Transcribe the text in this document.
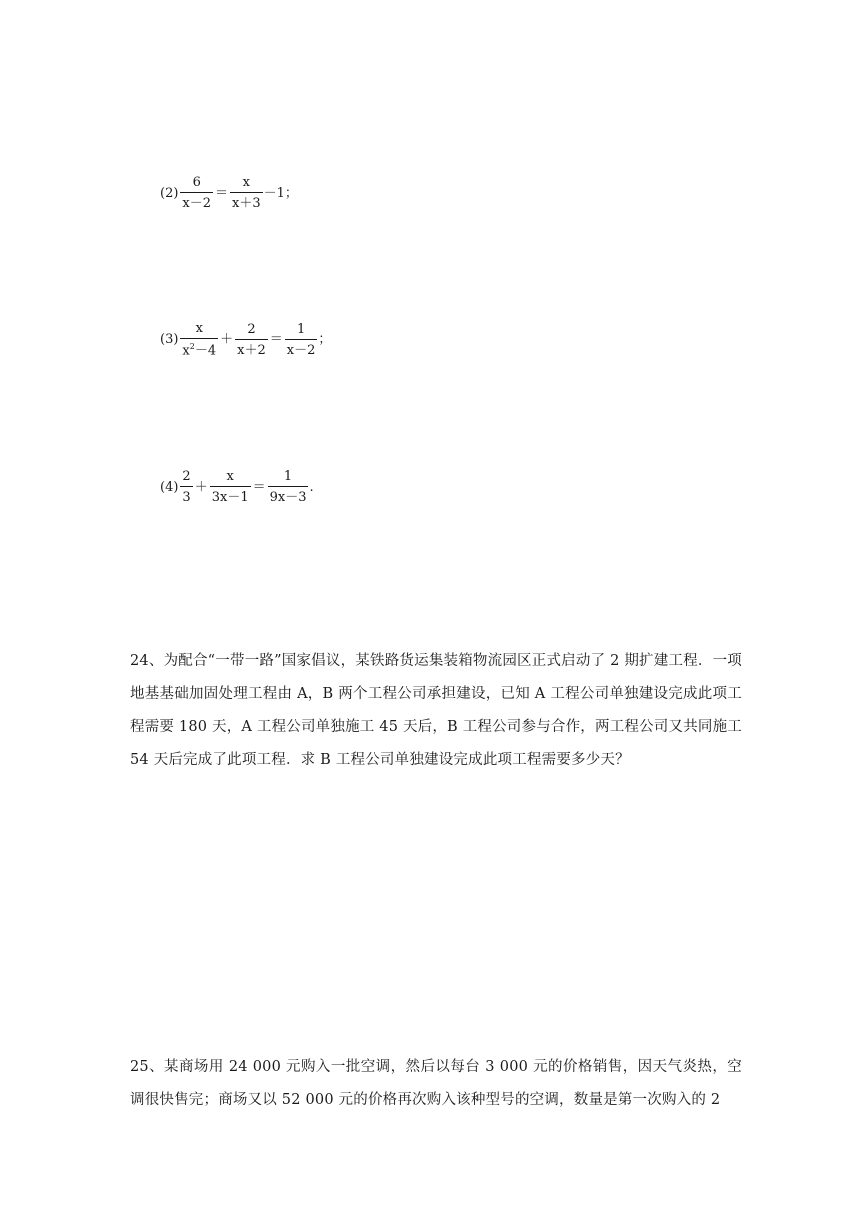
$(2) \frac{6}{x-2} = \frac{x}{x+3} -1$；
$(3) \frac{x}{x^2-4} + \frac{2}{x+2} = \frac{1}{x-2}$ ；
$(4) \frac{2}{3} + \frac{x}{3x-1} = \frac{1}{9x-3}$ .
24、为配合“一带一路”国家倡议，某铁路货运集装箱物流园区正式启动了 2 期扩建工程．一项地基基础加固处理工程由 A，B 两个工程公司承担建设，已知 A 工程公司单独建设完成此项工程需要 180 天，A 工程公司单独施工 45 天后，B 工程公司参与合作，两工程公司又共同施工 54 天后完成了此项工程．求 B 工程公司单独建设完成此项工程需要多少天？
25、某商场用 24 000 元购入一批空调，然后以每台 3 000 元的价格销售，因天气炎热，空调很快售完；商场又以 52 000 元的价格再次购入该种型号的空调，数量是第一次购入的 2
